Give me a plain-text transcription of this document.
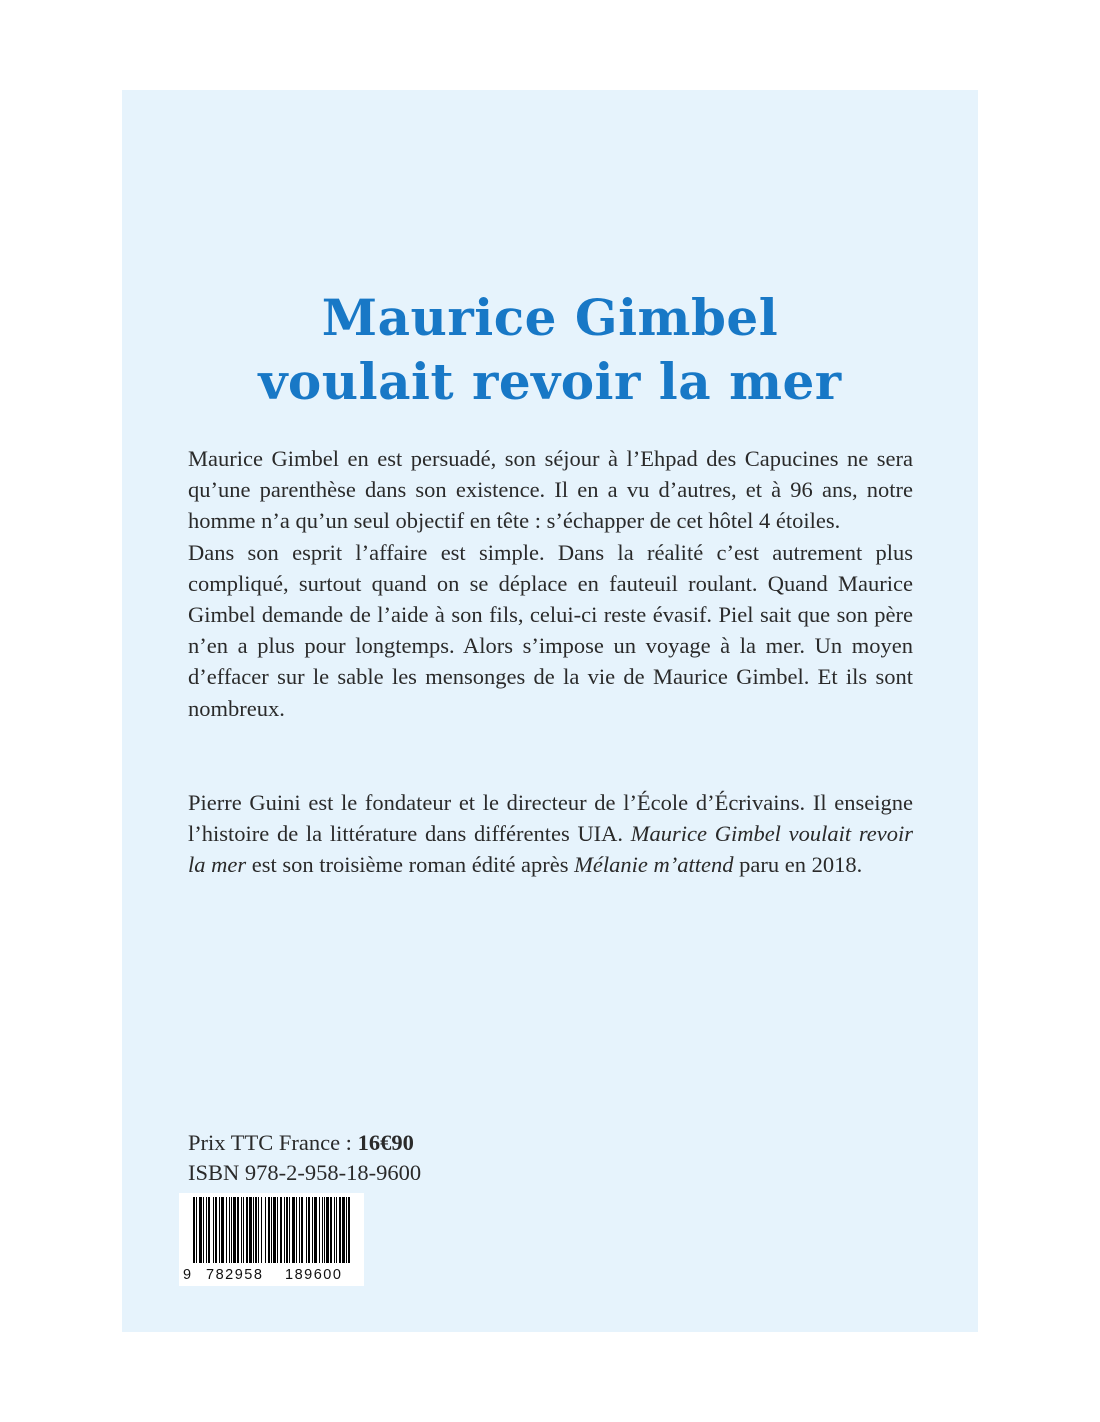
Maurice Gimbel
voulait revoir la mer

Maurice Gimbel en est persuadé, son séjour à l’Ehpad des Capucines ne sera qu’une parenthèse dans son existence. Il en a vu d’autres, et à 96 ans, notre homme n’a qu’un seul objectif en tête : s’échapper de cet hôtel 4 étoiles.

Dans son esprit l’affaire est simple. Dans la réalité c’est autrement plus compliqué, surtout quand on se déplace en fauteuil roulant. Quand Maurice Gimbel demande de l’aide à son fils, celui-ci reste évasif. Piel sait que son père n’en a plus pour longtemps. Alors s’impose un voyage à la mer. Un moyen d’effacer sur le sable les mensonges de la vie de Maurice Gimbel. Et ils sont nombreux.

Pierre Guini est le fondateur et le directeur de l’École d’Écrivains. Il enseigne l’histoire de la littérature dans différentes UIA. Maurice Gimbel voulait revoir la mer est son troisième roman édité après Mélanie m’attend paru en 2018.

Prix TTC France : 16€90
ISBN 978-2-958-18-9600
9 782958 189600
